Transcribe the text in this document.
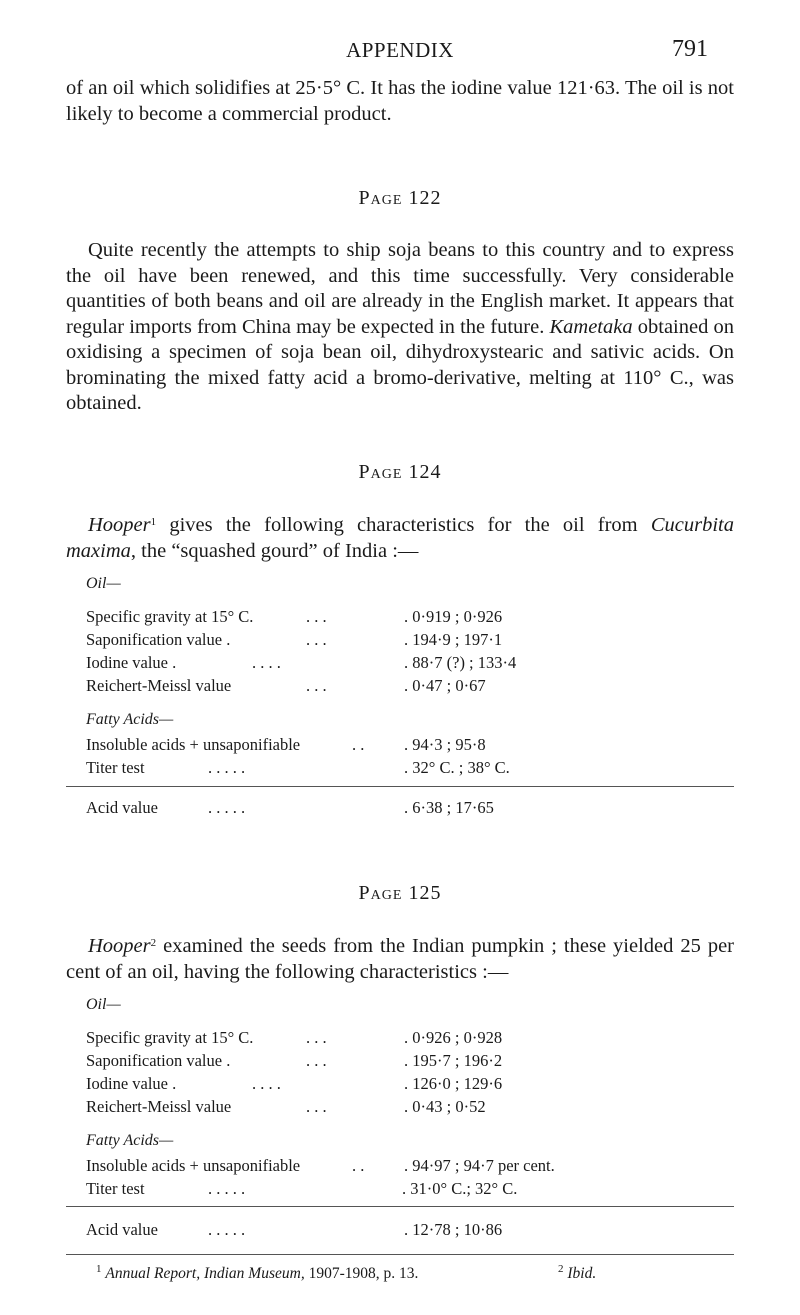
APPENDIX	791
of an oil which solidifies at 25·5° C. It has the iodine value 121·63. The oil is not likely to become a commercial product.
Page 122
Quite recently the attempts to ship soja beans to this country and to express the oil have been renewed, and this time successfully. Very considerable quantities of both beans and oil are already in the English market. It appears that regular imports from China may be expected in the future. Kametaka obtained on oxidising a specimen of soja bean oil, dihydroxystearic and sativic acids. On brominating the mixed fatty acid a bromo-derivative, melting at 110° C., was obtained.
Page 124
Hooper$^1$ gives the following characteristics for the oil from Cucurbita maxima, the “squashed gourd” of India :—
Oil—
Specific gravity at 15° C.	. . .	. 0·919 ; 0·926
Saponification value .	. . .	. 194·9 ; 197·1
Iodine value .	. . . .	. 88·7 (?) ; 133·4
Reichert-Meissl value	. . .	. 0·47 ; 0·67
Fatty Acids—
Insoluble acids + unsaponifiable	. . . 94·3 ; 95·8
Titer test	. . . . .	. 32° C. ; 38° C.
Acid value	. . . . .	. 6·38 ; 17·65
Page 125
Hooper$^2$ examined the seeds from the Indian pumpkin ; these yielded 25 per cent of an oil, having the following characteristics :—
Oil—
Specific gravity at 15° C.	. . .	. 0·926 ; 0·928
Saponification value .	. . .	. 195·7 ; 196·2
Iodine value .	. . . .	. 126·0 ; 129·6
Reichert-Meissl value	. . .	. 0·43 ; 0·52
Fatty Acids—
Insoluble acids + unsaponifiable	. . . 94·97 ; 94·7 per cent.
Titer test	. . . . .	. 31·0° C.; 32° C.
Acid value	. . . . .	. 12·78 ; 10·86
$^1$ Annual Report, Indian Museum, 1907-1908, p. 13.	$^2$ Ibid.
